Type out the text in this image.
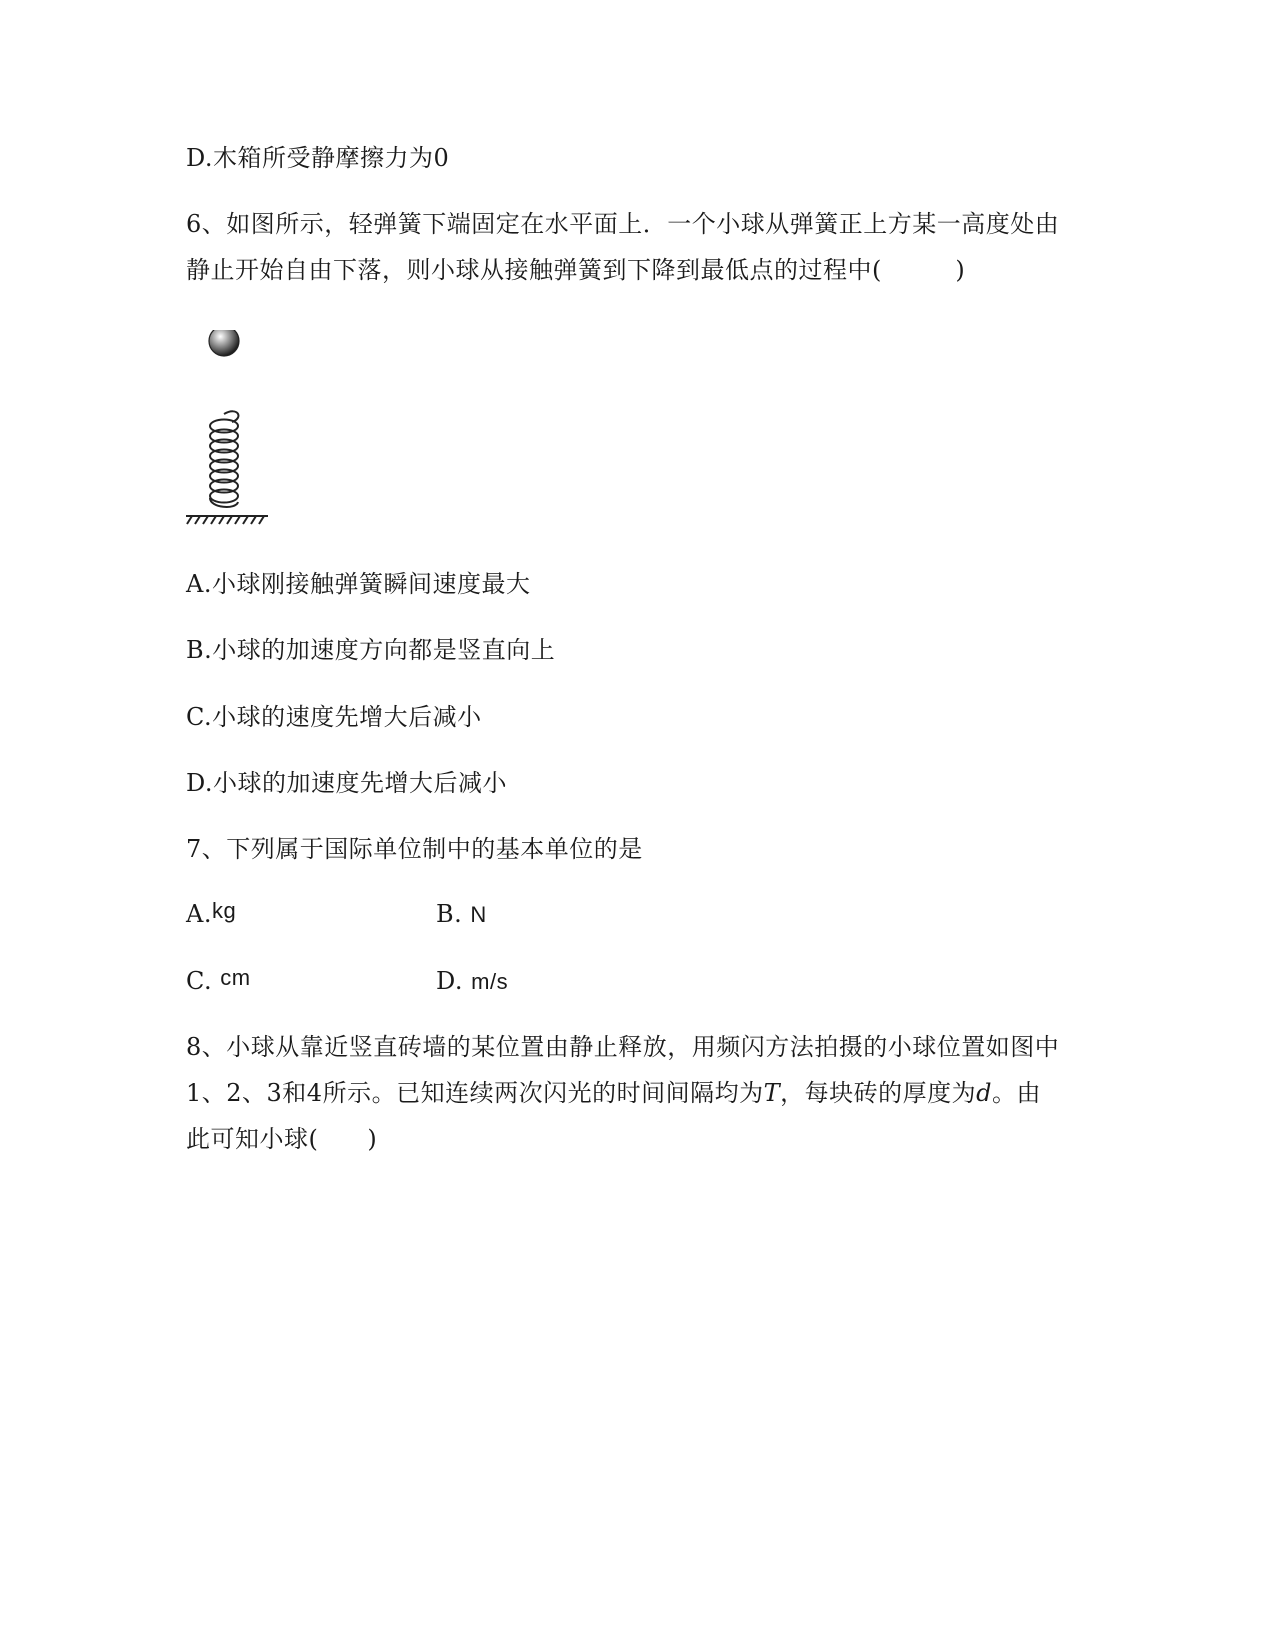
D.木箱所受静摩擦力为0
6、如图所示，轻弹簧下端固定在水平面上．一个小球从弹簧正上方某一高度处由
静止开始自由下落，则小球从接触弹簧到下降到最低点的过程中(　　　)
A.小球刚接触弹簧瞬间速度最大
B.小球的加速度方向都是竖直向上
C.小球的速度先增大后减小
D.小球的加速度先增大后减小
7、下列属于国际单位制中的基本单位的是
A.kg	B. N
C. cm	D. m/s
8、小球从靠近竖直砖墙的某位置由静止释放，用频闪方法拍摄的小球位置如图中
1、2、3和4所示。已知连续两次闪光的时间间隔均为T，每块砖的厚度为d。由
此可知小球(　　)
